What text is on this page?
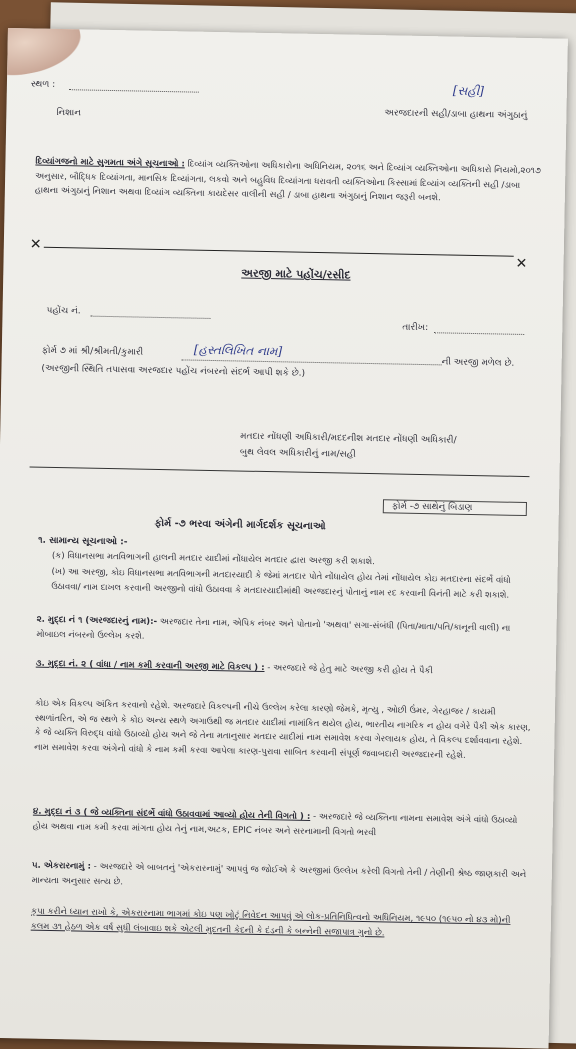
સ્થળ :
નિશાન
[સહી]
અરજદારની સહી/ડાબા હાથના અંગુઠાનું
દિવ્યાંગજનો માટે સુગમતા અંગે સૂચનાઓ : દિવ્યાંગ વ્યક્તિઓના અધિકારોના અધિનિયમ, ૨૦૧૬ અને દિવ્યાંગ વ્યક્તિઓના અધિકારો નિયમો,૨૦૧૭ અનુસાર, બૌદ્ધિક દિવ્યાંગતા, માનસિક દિવ્યાંગતા, લકવો અને બહુવિધ દિવ્યાંગતા ધરાવતી વ્યક્તિઓના કિસ્સામાં દિવ્યાંગ વ્યક્તિની સહી /ડાબા હાથના અંગુઠાનું નિશાન અથવા દિવ્યાંગ વ્યક્તિના કાયદેસર વાલીની સહી / ડાબા હાથના અંગુઠાનું નિશાન જરૂરી બનશે.
✕
✕
અરજી માટે પહોંચ/રસીદ
પહોંચ નં.
તારીખ:
ફોર્મ ૭ માં શ્રી/શ્રીમતી/કુમારી	[હસ્તલિખિત નામ]
ની અરજી મળેલ છે.
(અરજીની સ્થિતિ તપાસવા અરજદાર પહોંચ નંબરનો સંદર્ભ આપી શકે છે.)
મતદાર નોંધણી અધિકારી/મદદનીશ મતદાર નોંધણી અધિકારી/
બુથ લેવલ અધિકારીનું નામ/સહી
ફોર્મ -૭ સાથેનું બિડાણ
ફોર્મ -૭ ભરવા અંગેની માર્ગદર્શક સૂચનાઓ
૧. સામાન્ય સૂચનાઓ :-
(ક) વિધાનસભા મતવિભાગની હાલની મતદાર યાદીમાં નોંધાયેલ મતદાર દ્વારા અરજી કરી શકાશે.
(ખ) આ અરજી, કોઇ વિધાનસભા મતવિભાગની મતદારયાદી કે જેમાં મતદાર પોતે નોંધાયેલ હોય તેમાં નોંધાયેલ કોઇ મતદારના સંદર્ભે વાંધો ઉઠાવવા/ નામ દાખલ કરવાની અરજીનો વાંધો ઉઠાવવા કે મતદારયાદીમાંથી અરજદારનું પોતાનું નામ રદ કરવાની વિનંતી માટે કરી શકાશે.
૨. મુદ્દા નં ૧ (અરજદારનું નામ):- અરજદાર તેના નામ, એપિક નંબર અને પોતાનો 'અથવા' સગા-સંબંધી (પિતા/માતા/પતિ/કાનૂની વાલી) ના મોબાઇલ નંબરનો ઉલ્લેખ કરશે.
૩. મુદ્દા નં. ૨ ( વાંધા / નામ કમી કરવાની અરજી માટે વિકલ્પ ) : - અરજદારે જે હેતુ માટે અરજી કરી હોય તે પૈકી
કોઇ એક વિકલ્પ અંકિત કરવાનો રહેશે. અરજદારે વિકલ્પની નીચે ઉલ્લેખ કરેલા કારણો જેમકે, મૃત્યુ , ઓછી ઉંમર, ગેરહાજર / કાયમી સ્થળાંતરિત, એ જ સ્થળે કે કોઇ અન્ય સ્થળે અગાઉથી જ મતદાર યાદીમાં નામાંકિત થયેલ હોય, ભારતીય નાગરિક ન હોય વગેરે પૈકી એક કારણ, કે જે વ્યક્તિ વિરુદ્ધ વાંધો ઉઠાવ્યો હોય અને જે તેના મતાનુસાર મતદાર યાદીમાં નામ સમાવેશ કરવા ગેરલાયક હોય, તે વિકલ્પ દર્શાવવાના રહેશે. નામ સમાવેશ કરવા અંગેનો વાંધો કે નામ કમી કરવા આપેલા કારણ-પુરાવા સાબિત કરવાની સંપૂર્ણ જવાબદારી અરજદારની રહેશે.
૪. મુદ્દા નં ૩ ( જે વ્યક્તિના સંદર્ભે વાંધો ઉઠાવવામાં આવ્યો હોય તેની વિગતો ) : - અરજદારે જે વ્યક્તિના નામના સમાવેશ અંગે વાંધો ઉઠાવ્યો હોય અથવા નામ કમી કરવા માંગતા હોય તેનું નામ,અટક, EPIC નંબર અને સરનામાની વિગતો ભરવી
૫. એકરારનામું : - અરજદારે એ બાબતનું 'એકરારનામું' આપવું જ જોઈએ કે અરજીમાં ઉલ્લેખ કરેલી વિગતો તેની / તેણીની શ્રેષ્ઠ જાણકારી અને માન્યતા અનુસાર સત્ય છે.
કૃપા કરીને ધ્યાન રાખો કે, એકરારનામા ભાગમાં કોઇ પણ ખોટું નિવેદન આપવું એ લોક-પ્રતિનિધિત્વનો અધિનિયમ, ૧૯૫૦ (૧૯૫૦ નો ૪૩ મો)ની કલમ ૩૧ હેઠળ એક વર્ષ સુધી લંબાવાઇ શકે એટલી મુદતની કેદની કે દંડની કે બન્નેની સજાપાત્ર ગુનો છે.
